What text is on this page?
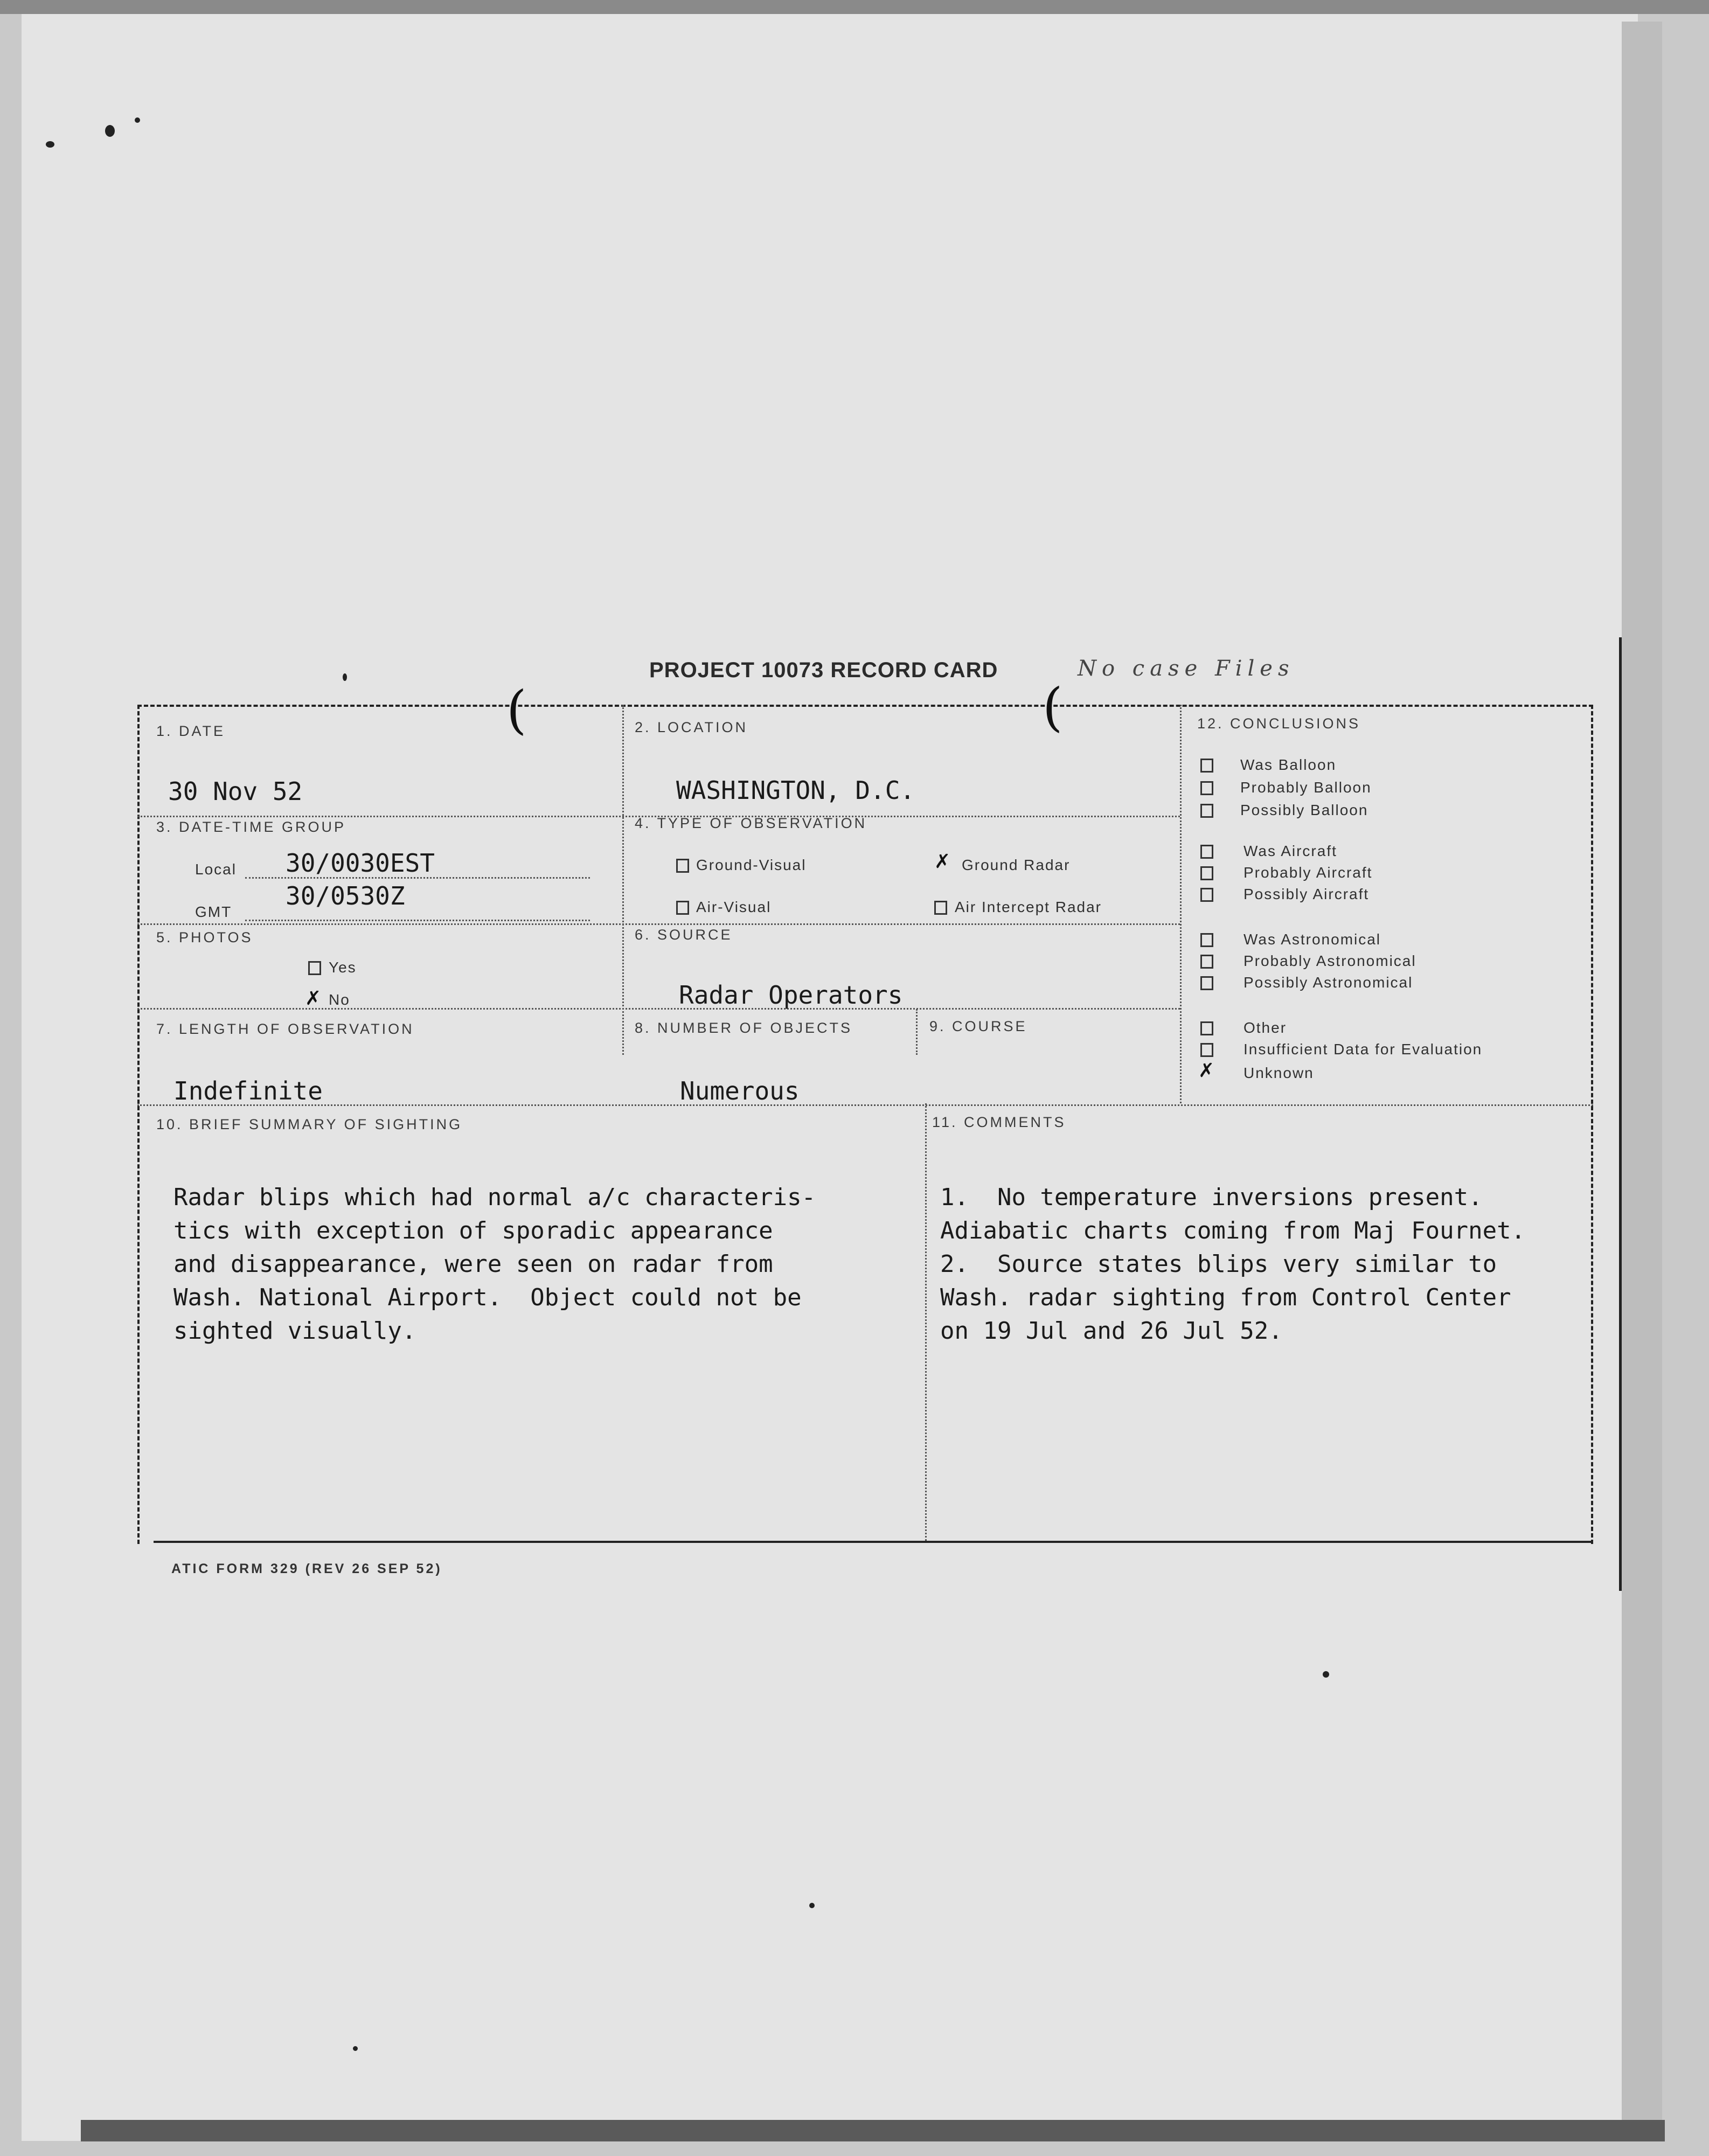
PROJECT 10073 RECORD CARD	No case Files
1. DATE
30 Nov 52
2. LOCATION
WASHINGTON, D.C.
(	(
3. DATE-TIME GROUP
Local 30/0030EST
GMT
30/0530Z
4. TYPE OF OBSERVATION
Ground-Visual	✗ Ground Radar
Air-Visual	Air Intercept Radar
5. PHOTOS
Yes
✗ No
6. SOURCE
Radar Operators
7. LENGTH OF OBSERVATION
Indefinite
8. NUMBER OF OBJECTS
Numerous
9. COURSE
10. BRIEF SUMMARY OF SIGHTING

Radar blips which had normal a/c characteris-
tics with exception of sporadic appearance
and disappearance, were seen on radar from
Wash. National Airport.  Object could not be
sighted visually.
11. COMMENTS

1.  No temperature inversions present.
Adiabatic charts coming from Maj Fournet.
2.  Source states blips very similar to
Wash. radar sighting from Control Center
on 19 Jul and 26 Jul 52.
12. CONCLUSIONS
Was Balloon
Probably Balloon
Possibly Balloon
Was Aircraft
Probably Aircraft
Possibly Aircraft
Was Astronomical
Probably Astronomical
Possibly Astronomical
Other
Insufficient Data for Evaluation
✗ Unknown
ATIC FORM 329 (REV 26 SEP 52)
